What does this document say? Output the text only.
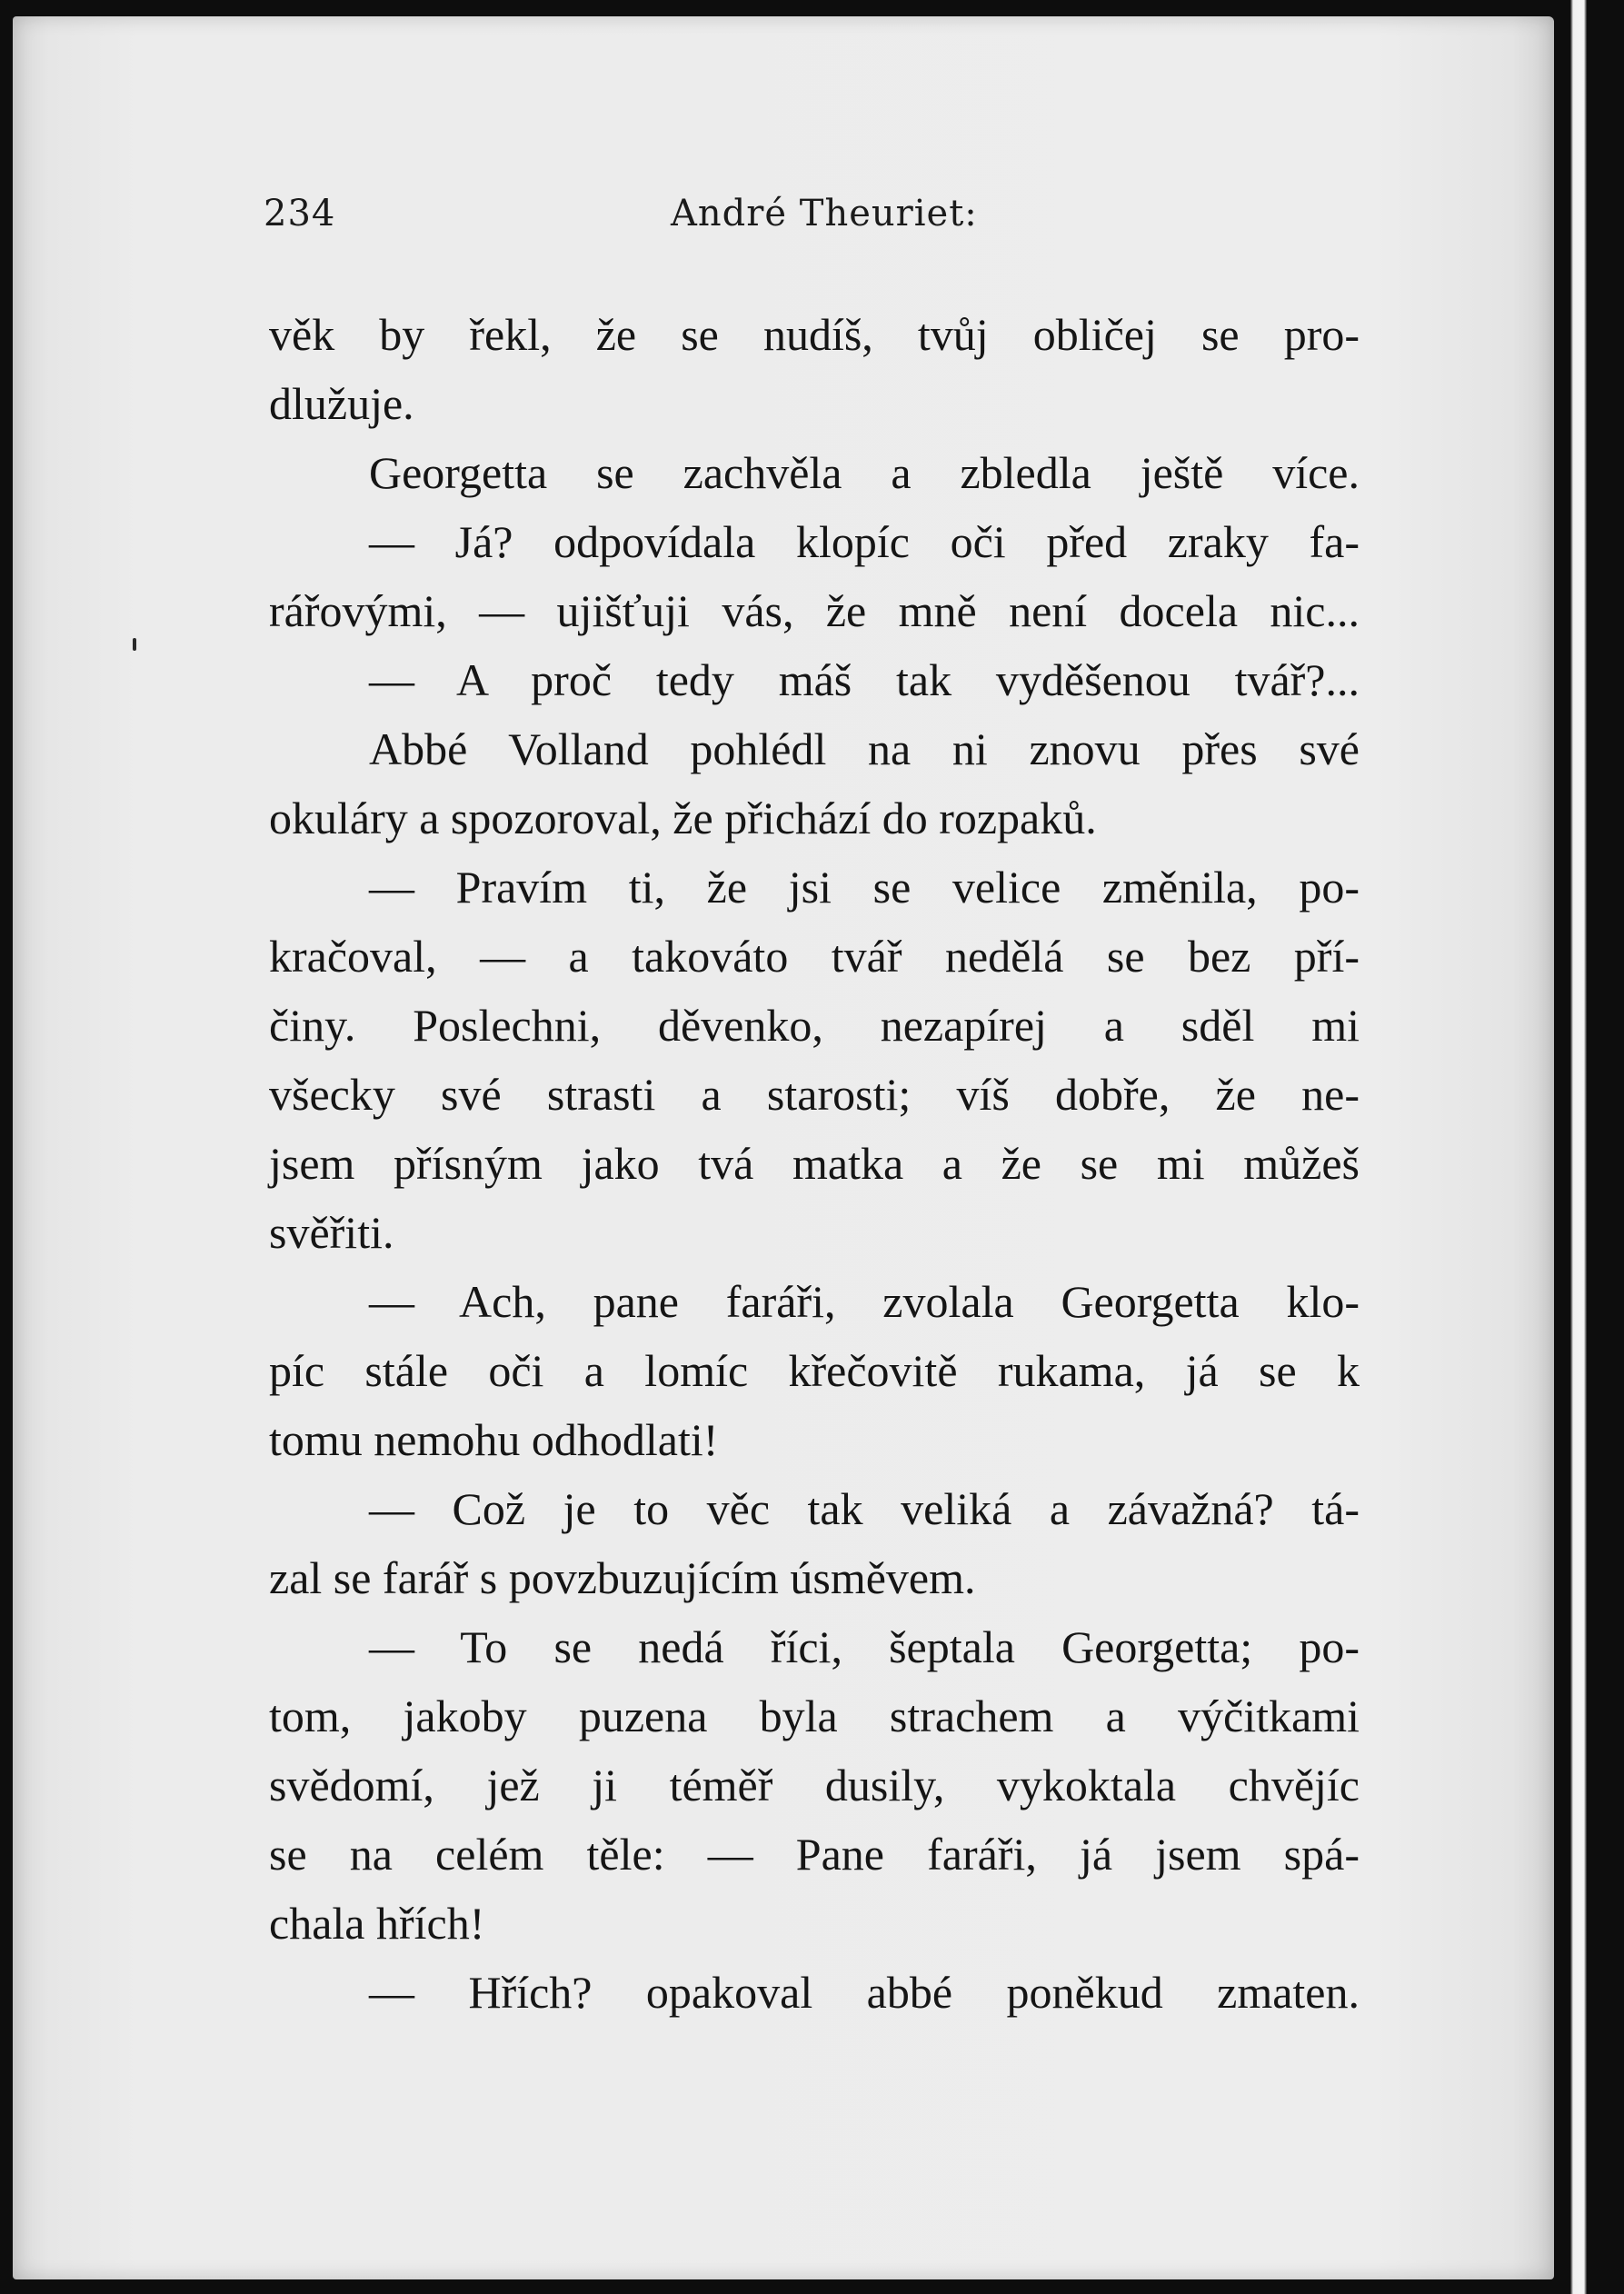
234	André Theuriet:
věk by řekl, že se nudíš, tvůj obličej se pro-
dlužuje.
Georgetta se zachvěla a zbledla ještě více.
— Já? odpovídala klopíc oči před zraky fa-
rářovými, — ujišťuji vás, že mně není docela nic...
— A proč tedy máš tak vyděšenou tvář?...
Abbé Volland pohlédl na ni znovu přes své
okuláry a spozoroval, že přichází do rozpaků.
— Pravím ti, že jsi se velice změnila, po-
kračoval, — a takováto tvář nedělá se bez pří-
činy. Poslechni, děvenko, nezapírej a sděl mi
všecky své strasti a starosti; víš dobře, že ne-
jsem přísným jako tvá matka a že se mi můžeš
svěřiti.
— Ach, pane faráři, zvolala Georgetta klo-
píc stále oči a lomíc křečovitě rukama, já se k
tomu nemohu odhodlati!
— Což je to věc tak veliká a závažná? tá-
zal se farář s povzbuzujícím úsměvem.
— To se nedá říci, šeptala Georgetta; po-
tom, jakoby puzena byla strachem a výčitkami
svědomí, jež ji téměř dusily, vykoktala chvějíc
se na celém těle: — Pane faráři, já jsem spá-
chala hřích!
— Hřích? opakoval abbé poněkud zmaten.
